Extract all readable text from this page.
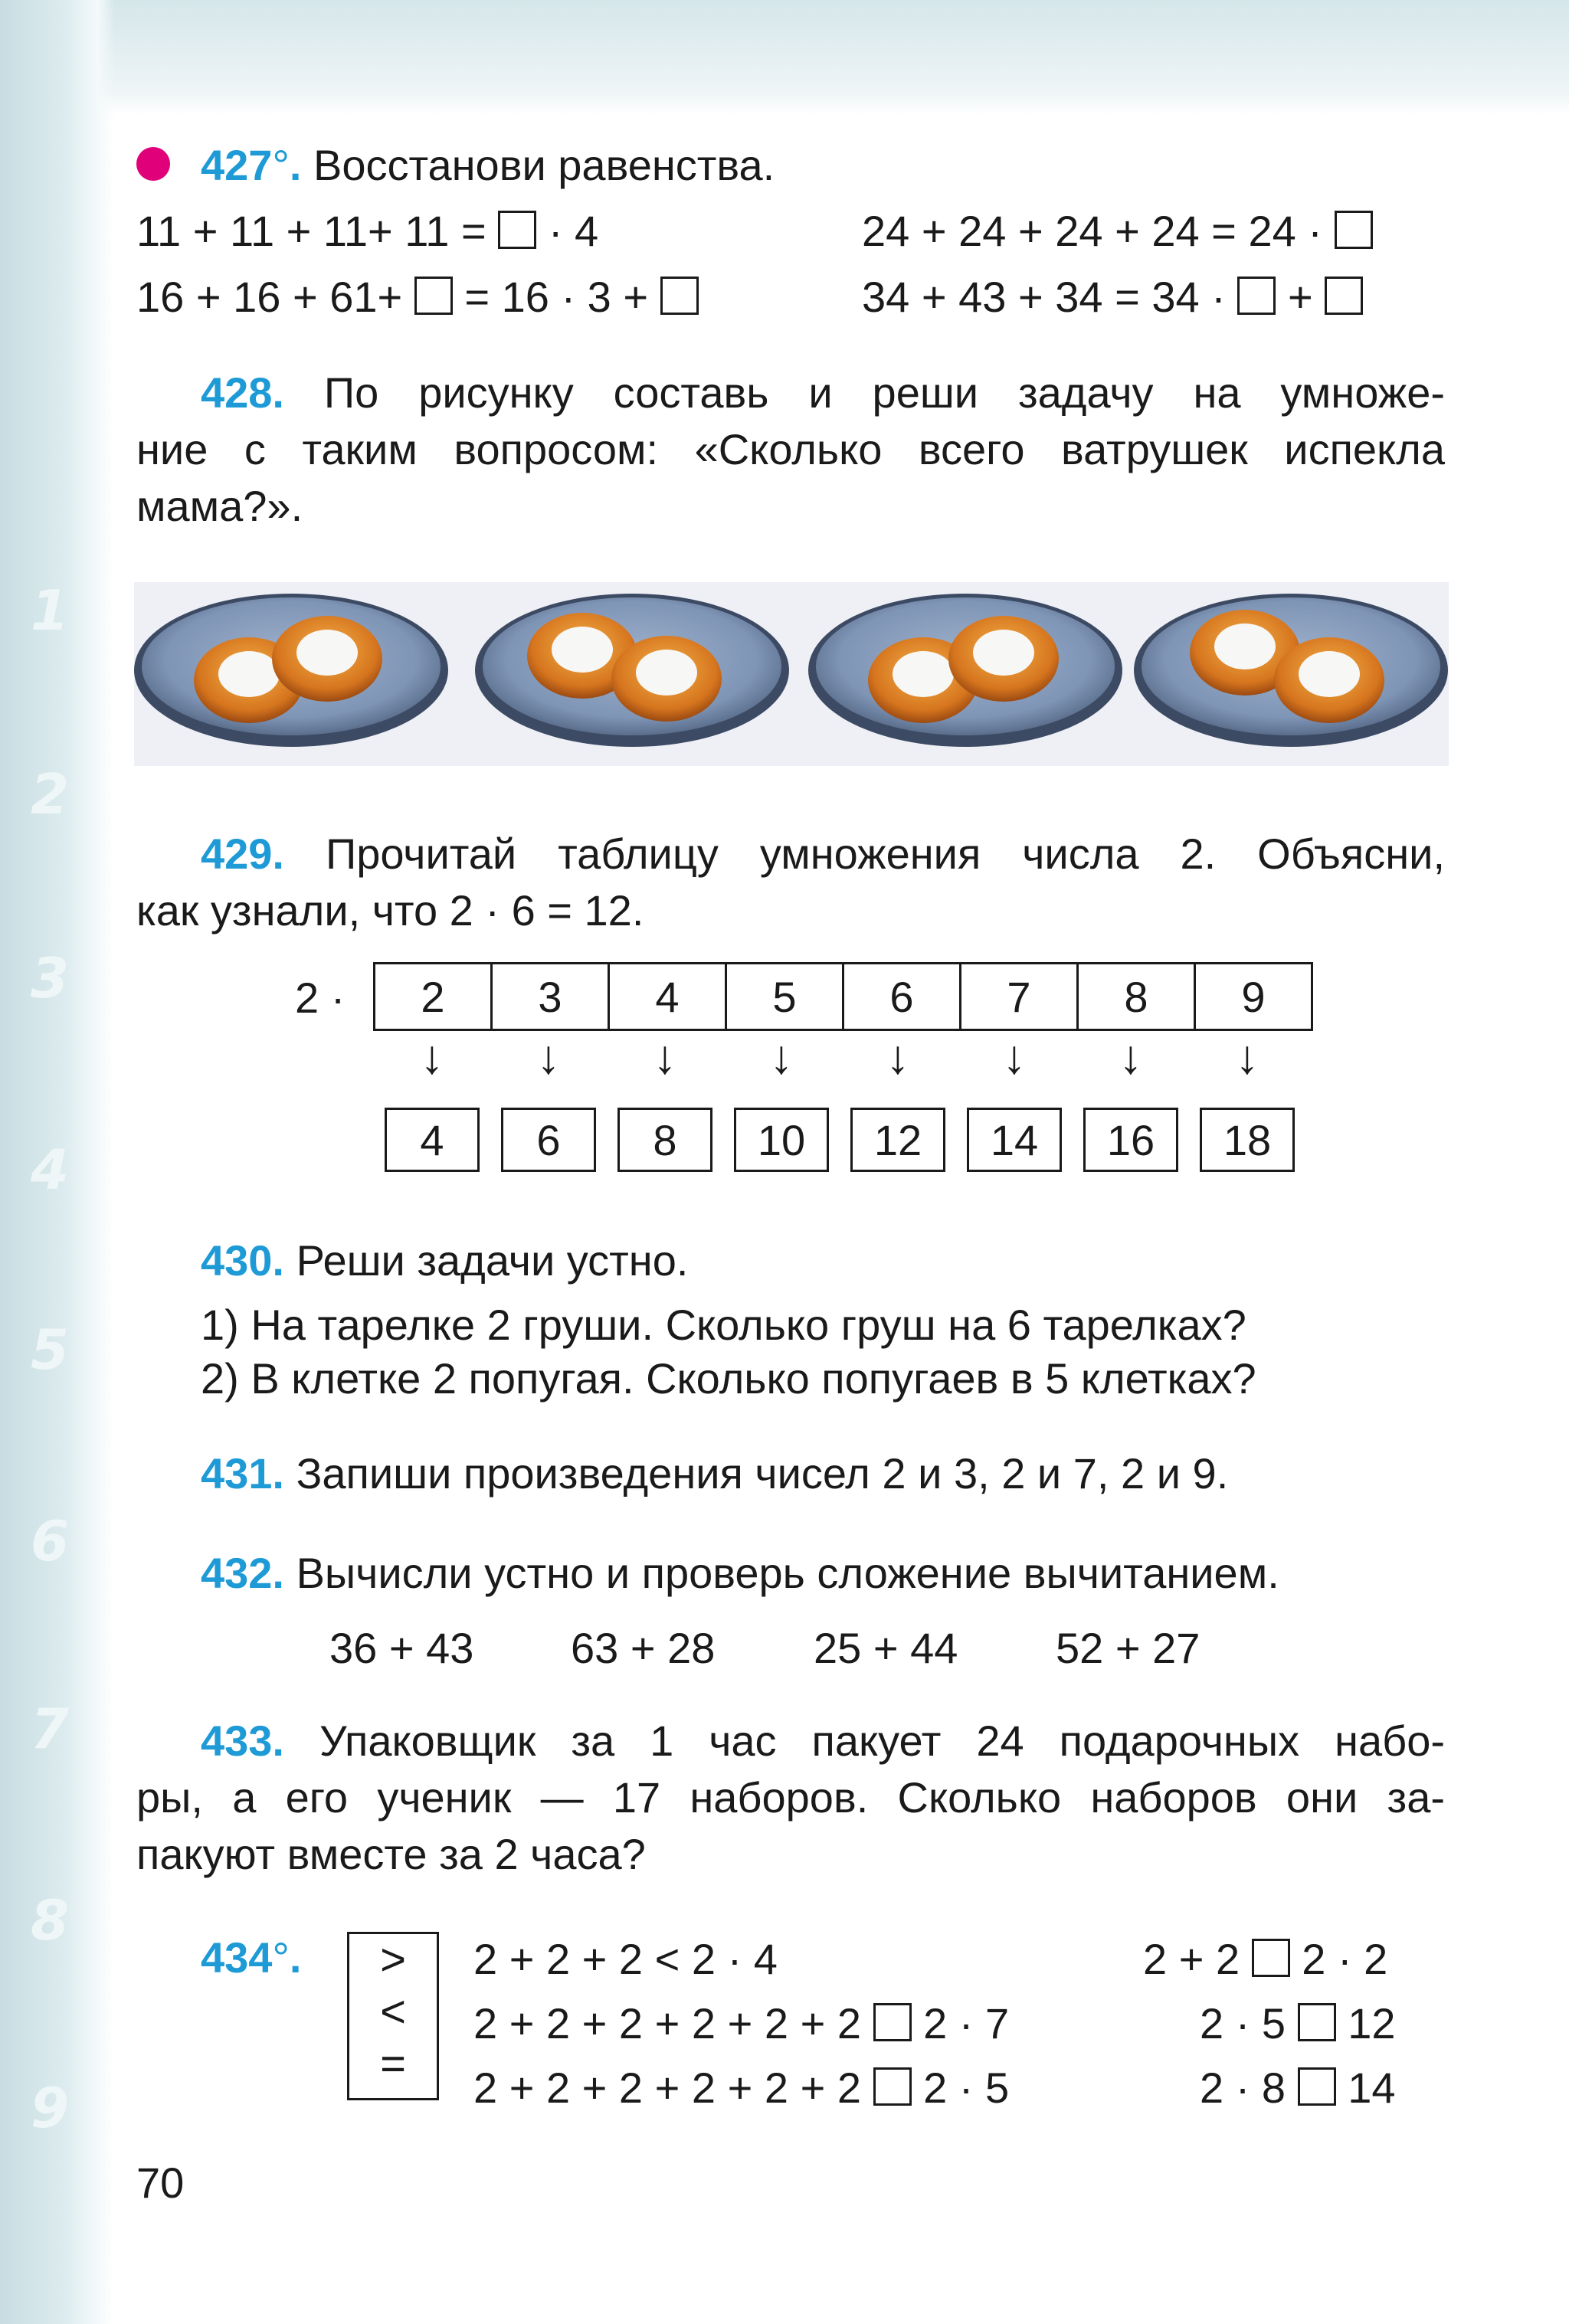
1
2
3
4
5
6
7
8
9
427°. Восстанови равенства.
11 + 11 + 11+ 11 = · 4	24 + 24 + 24 + 24 = 24 ·
16 + 16 + 61+ = 16 · 3 +	34 + 43 + 34 = 34 · +
428. По рисунку составь и реши задачу на умноже-
ние с таким вопросом: «Сколько всего ватрушек испекла
мама?».
429. Прочитай таблицу умножения числа 2. Объясни,
как узнали, что 2 · 6 = 12.
2 · 2	3	4	5	6	7	8	9
↓ ↓ ↓ ↓ ↓ ↓ ↓ ↓
4	6	8	10	12	14	16	18
430. Реши задачи устно.
1) На тарелке 2 груши. Сколько груш на 6 тарелках?
2) В клетке 2 попугая. Сколько попугаев в 5 клетках?
431. Запиши произведения чисел 2 и 3, 2 и 7, 2 и 9.
432. Вычисли устно и проверь сложение вычитанием.
36 + 43 63 + 28 25 + 44 52 + 27
433. Упаковщик за 1 час пакует 24 подарочных набо-
ры, а его ученик — 17 наборов. Сколько наборов они за-
пакуют вместе за 2 часа?
434°.	>
<
=
2 + 2 + 2 < 2 · 4
2 + 2 + 2 + 2 + 2 + 2 2 · 7
2 + 2 + 2 + 2 + 2 + 2 2 · 5
2 + 2 2 · 2
2 · 5 12
2 · 8 14
70
